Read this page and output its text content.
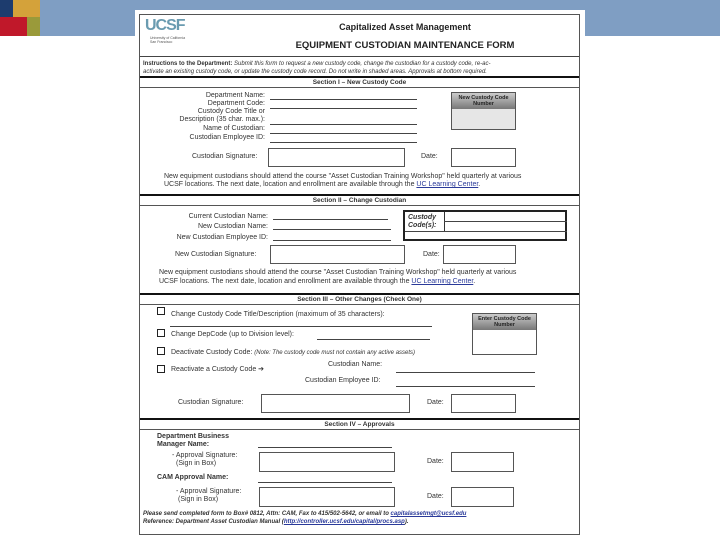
UCSF
University of California
San Francisco
Capitalized Asset Management
EQUIPMENT CUSTODIAN MAINTENANCE FORM
Instructions to the Department: Submit this form to request a new custody code, change the custodian for a custody code, re-ac-
activate an existing custody code, or update the custody code record. Do not write in shaded areas. Approvals at bottom required.
Section I – New Custody Code
Department Name:
Department Code:
Custody Code Title or
Description (35 char. max.):
Name of Custodian:
Custodian Employee ID:
New Custody Code Number
Custodian Signature:	Date:
New equipment custodians should attend the course "Asset Custodian Training Workshop" held quarterly at various
UCSF locations. The next date, location and enrollment are available through the UC Learning Center.
Section II – Change Custodian
Current Custodian Name:
New Custodian Name:
New Custodian Employee ID:
Custody
Code(s):
New Custodian Signature:	Date:
New equipment custodians should attend the course "Asset Custodian Training Workshop" held quarterly at various
UCSF locations. The next date, location and enrollment are available through the UC Learning Center.
Section III – Other Changes (Check One)
Change Custody Code Title/Description (maximum of 35 characters):
Change DepCode (up to Division level):
Deactivate Custody Code: (Note: The custody code must not contain any active assets)
Reactivate a Custody Code ➔
Custodian Name:
Custodian Employee ID:
Enter Custody Code Number
Custodian Signature:	Date:
Section IV – Approvals
Department Business
Manager Name:
- Approval Signature:
(Sign in Box)	Date:
CAM Approval Name:
- Approval Signature:
(Sign in Box)	Date:
Please send completed form to Box# 0812, Attn: CAM, Fax to 415/502-5642, or email to capitalassetmgt@ucsf.edu
Reference: Department Asset Custodian Manual (http://controller.ucsf.edu/capital/procs.asp).
